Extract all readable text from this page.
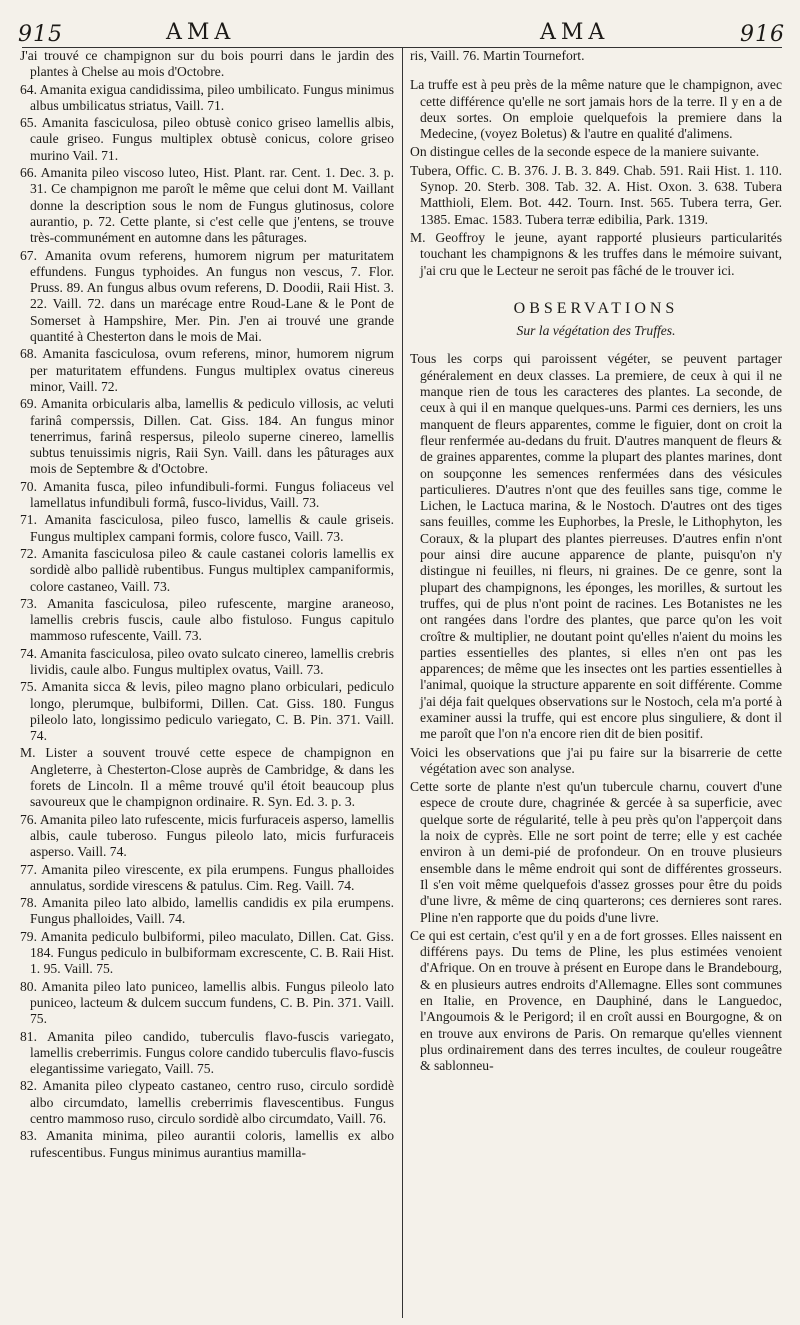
915	AMA	AMA	916
J'ai trouvé ce champignon sur du bois pourri dans le jardin des plantes à Chelse au mois d'Octobre.
64. Amanita exigua candidissima, pileo umbilicato. Fungus minimus albus umbilicatus striatus, Vaill. 71.
65. Amanita fasciculosa, pileo obtusè conico griseo lamellis albis, caule griseo. Fungus multiplex obtusè conicus, colore griseo murino Vail. 71.
66. Amanita pileo viscoso luteo, Hist. Plant. rar. Cent. 1. Dec. 3. p. 31. Ce champignon me paroît le même que celui dont M. Vaillant donne la description sous le nom de Fungus glutinosus, colore aurantio, p. 72. Cette plante, si c'est celle que j'entens, se trouve très-communément en automne dans les pâturages.
67. Amanita ovum referens, humorem nigrum per maturitatem effundens. Fungus typhoides. An fungus non vescus, 7. Flor. Pruss. 89. An fungus albus ovum referens, D. Doodii, Raii Hist. 3. 22. Vaill. 72. dans un marécage entre Roud-Lane & le Pont de Somerset à Hampshire, Mer. Pin. J'en ai trouvé une grande quantité à Chesterton dans le mois de Mai.
68. Amanita fasciculosa, ovum referens, minor, humorem nigrum per maturitatem effundens. Fungus multiplex ovatus cinereus minor, Vaill. 72.
69. Amanita orbicularis alba, lamellis & pediculo villosis, ac veluti farinâ comperssis, Dillen. Cat. Giss. 184. An fungus minor tenerrimus, farinâ respersus, pileolo superne cinereo, lamellis subtus tenuissimis nigris, Raii Syn. Vaill. dans les pâturages aux mois de Septembre & d'Octobre.
70. Amanita fusca, pileo infundibuli-formi. Fungus foliaceus vel lamellatus infundibuli formâ, fusco-lividus, Vaill. 73.
71. Amanita fasciculosa, pileo fusco, lamellis & caule griseis. Fungus multiplex campani formis, colore fusco, Vaill. 73.
72. Amanita fasciculosa pileo & caule castanei coloris lamellis ex sordidè albo pallidè rubentibus. Fungus multiplex campaniformis, colore castaneo, Vaill. 73.
73. Amanita fasciculosa, pileo rufescente, margine araneoso, lamellis crebris fuscis, caule albo fistuloso. Fungus capitulo mammoso rufescente, Vaill. 73.
74. Amanita fasciculosa, pileo ovato sulcato cinereo, lamellis crebris lividis, caule albo. Fungus multiplex ovatus, Vaill. 73.
75. Amanita sicca & levis, pileo magno plano orbiculari, pediculo longo, plerumque, bulbiformi, Dillen. Cat. Giss. 180. Fungus pileolo lato, longissimo pediculo variegato, C. B. Pin. 371. Vaill. 74.
M. Lister a souvent trouvé cette espece de champignon en Angleterre, à Chesterton-Close auprès de Cambridge, & dans les forets de Lincoln. Il a même trouvé qu'il étoit beaucoup plus savoureux que le champignon ordinaire. R. Syn. Ed. 3. p. 3.
76. Amanita pileo lato rufescente, micis furfuraceis asperso, lamellis albis, caule tuberoso. Fungus pileolo lato, micis furfuraceis asperso. Vaill. 74.
77. Amanita pileo virescente, ex pila erumpens. Fungus phalloides annulatus, sordide virescens & patulus. Cim. Reg. Vaill. 74.
78. Amanita pileo lato albido, lamellis candidis ex pila erumpens. Fungus phalloides, Vaill. 74.
79. Amanita pediculo bulbiformi, pileo maculato, Dillen. Cat. Giss. 184. Fungus pediculo in bulbiformam excrescente, C. B. Raii Hist. 1. 95. Vaill. 75.
80. Amanita pileo lato puniceo, lamellis albis. Fungus pileolo lato puniceo, lacteum & dulcem succum fundens, C. B. Pin. 371. Vaill. 75.
81. Amanita pileo candido, tuberculis flavo-fuscis variegato, lamellis creberrimis. Fungus colore candido tuberculis flavo-fuscis elegantissime variegato, Vaill. 75.
82. Amanita pileo clypeato castaneo, centro ruso, circulo sordidè albo circumdato, lamellis creberrimis flavescentibus. Fungus centro mammoso ruso, circulo sordidè albo circumdato, Vaill. 76.
83. Amanita minima, pileo aurantii coloris, lamellis ex albo rufescentibus. Fungus minimus aurantius mamilla-
ris, Vaill. 76. Martin Tournefort.
La truffe est à peu près de la même nature que le champignon, avec cette différence qu'elle ne sort jamais hors de la terre. Il y en a de deux sortes. On emploie quelquefois la premiere dans la Medecine, (voyez Boletus) & l'autre en qualité d'alimens.
On distingue celles de la seconde espece de la maniere suivante.
Tubera, Offic. C. B. 376. J. B. 3. 849. Chab. 591. Raii Hist. 1. 110. Synop. 20. Sterb. 308. Tab. 32. A. Hist. Oxon. 3. 638. Tubera Matthioli, Elem. Bot. 442. Tourn. Inst. 565. Tubera terra, Ger. 1385. Emac. 1583. Tubera terræ edibilia, Park. 1319.
M. Geoffroy le jeune, ayant rapporté plusieurs particularités touchant les champignons & les truffes dans le mémoire suivant, j'ai cru que le Lecteur ne seroit pas fâché de le trouver ici.
OBSERVATIONS
Sur la végétation des Truffes.
Tous les corps qui paroissent végéter, se peuvent partager généralement en deux classes. La premiere, de ceux à qui il ne manque rien de tous les caracteres des plantes. La seconde, de ceux à qui il en manque quelques-uns. Parmi ces derniers, les uns manquent de fleurs apparentes, comme le figuier, dont on croit la fleur renfermée au-dedans du fruit. D'autres manquent de fleurs & de graines apparentes, comme la plupart des plantes marines, dont on soupçonne les semences renfermées dans des vésicules particulieres. D'autres n'ont que des feuilles sans tige, comme le Lichen, le Lactuca marina, & le Nostoch. D'autres ont des tiges sans feuilles, comme les Euphorbes, la Presle, le Lithophyton, les Coraux, & la plupart des plantes pierreuses. D'autres enfin n'ont pour ainsi dire aucune apparence de plante, puisqu'on n'y distingue ni feuilles, ni fleurs, ni graines. De ce genre, sont la plupart des champignons, les éponges, les morilles, & surtout les truffes, qui de plus n'ont point de racines. Les Botanistes ne les ont rangées dans l'ordre des plantes, que parce qu'on les voit croître & multiplier, ne doutant point qu'elles n'aient du moins les parties essentielles des plantes, si elles n'en ont pas les apparences; de même que les insectes ont les parties essentielles à l'animal, quoique la structure apparente en soit différente. Comme j'ai déja fait quelques observations sur le Nostoch, cela m'a porté à examiner aussi la truffe, qui est encore plus singuliere, & dont il me paroît que l'on n'a encore rien dit de bien positif.
Voici les observations que j'ai pu faire sur la bisarrerie de cette végétation avec son analyse.
Cette sorte de plante n'est qu'un tubercule charnu, couvert d'une espece de croute dure, chagrinée & gercée à sa superficie, avec quelque sorte de régularité, telle à peu près qu'on l'apperçoit dans la noix de cyprès. Elle ne sort point de terre; elle y est cachée environ à un demi-pié de profondeur. On en trouve plusieurs ensemble dans le même endroit qui sont de différentes grosseurs. Il s'en voit même quelquefois d'assez grosses pour être du poids d'une livre, & même de cinq quarterons; ces dernieres sont rares. Pline n'en rapporte que du poids d'une livre.
Ce qui est certain, c'est qu'il y en a de fort grosses. Elles naissent en différens pays. Du tems de Pline, les plus estimées venoient d'Afrique. On en trouve à présent en Europe dans le Brandebourg, & en plusieurs autres endroits d'Allemagne. Elles sont communes en Italie, en Provence, en Dauphiné, dans le Languedoc, l'Angoumois & le Perigord; il en croît aussi en Bourgogne, & on en trouve aux environs de Paris. On remarque qu'elles viennent plus ordinairement dans des terres incultes, de couleur rougeâtre & sablonneu-
